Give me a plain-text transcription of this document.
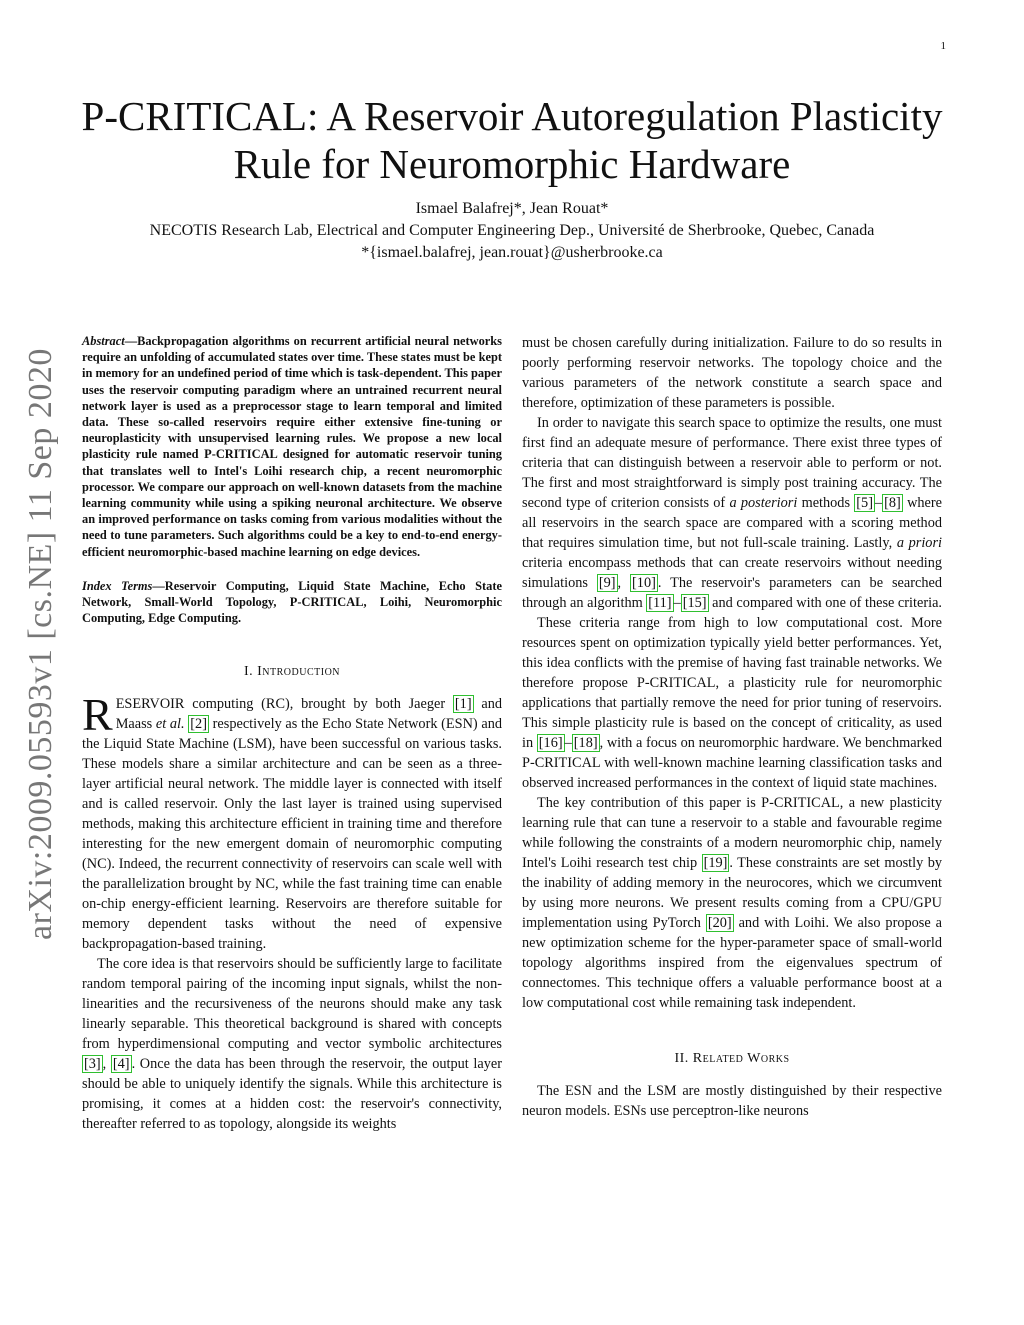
1
arXiv:2009.05593v1 [cs.NE] 11 Sep 2020
P-CRITICAL: A Reservoir Autoregulation Plasticity
Rule for Neuromorphic Hardware
Ismael Balafrej*, Jean Rouat*
NECOTIS Research Lab, Electrical and Computer Engineering Dep., Université de Sherbrooke, Quebec, Canada
*{ismael.balafrej, jean.rouat}@usherbrooke.ca

Abstract—Backpropagation algorithms on recurrent artificial neural networks require an unfolding of accumulated states over time. These states must be kept in memory for an undefined period of time which is task-dependent. This paper uses the reservoir computing paradigm where an untrained recurrent neural network layer is used as a preprocessor stage to learn temporal and limited data. These so-called reservoirs require either extensive fine-tuning or neuroplasticity with unsupervised learning rules. We propose a new local plasticity rule named P-CRITICAL designed for automatic reservoir tuning that translates well to Intel's Loihi research chip, a recent neuromorphic processor. We compare our approach on well-known datasets from the machine learning community while using a spiking neuronal architecture. We observe an improved performance on tasks coming from various modalities without the need to tune parameters. Such algorithms could be a key to end-to-end energy-efficient neuromorphic-based machine learning on edge devices.

Index Terms—Reservoir Computing, Liquid State Machine, Echo State Network, Small-World Topology, P-CRITICAL, Loihi, Neuromorphic Computing, Edge Computing.

I. Introduction

RESERVOIR computing (RC), brought by both Jaeger [1] and Maass et al. [2] respectively as the Echo State Network (ESN) and the Liquid State Machine (LSM), have been successful on various tasks. These models share a similar architecture and can be seen as a three-layer artificial neural network. The middle layer is connected with itself and is called reservoir. Only the last layer is trained using supervised methods, making this architecture efficient in training time and therefore interesting for the new emergent domain of neuromorphic computing (NC). Indeed, the recurrent connectivity of reservoirs can scale well with the parallelization brought by NC, while the fast training time can enable on-chip energy-efficient learning. Reservoirs are therefore suitable for memory dependent tasks without the need of expensive backpropagation-based training.

The core idea is that reservoirs should be sufficiently large to facilitate random temporal pairing of the incoming input signals, whilst the non-linearities and the recursiveness of the neurons should make any task linearly separable. This theoretical background is shared with concepts from hyperdimensional computing and vector symbolic architectures [3] , [4] . Once the data has been through the reservoir, the output layer should be able to uniquely identify the signals. While this architecture is promising, it comes at a hidden cost: the reservoir's connectivity, thereafter referred to as topology, alongside its weights

must be chosen carefully during initialization. Failure to do so results in poorly performing reservoir networks. The topology choice and the various parameters of the network constitute a search space and therefore, optimization of these parameters is possible.

In order to navigate this search space to optimize the results, one must first find an adequate mesure of performance. There exist three types of criteria that can distinguish between a reservoir able to perform or not. The first and most straightforward is simply post training accuracy. The second type of criterion consists of a posteriori methods [5] – [8] where all reservoirs in the search space are compared with a scoring method that requires simulation time, but not full-scale training. Lastly, a priori criteria encompass methods that can create reservoirs without needing simulations [9] , [10] . The reservoir's parameters can be searched through an algorithm [11] – [15] and compared with one of these criteria.

These criteria range from high to low computational cost. More resources spent on optimization typically yield better performances. Yet, this idea conflicts with the premise of having fast trainable networks. We therefore propose P-CRITICAL, a plasticity rule for neuromorphic applications that partially remove the need for prior tuning of reservoirs. This simple plasticity rule is based on the concept of criticality, as used in [16] – [18] , with a focus on neuromorphic hardware. We benchmarked P-CRITICAL with well-known machine learning classification tasks and observed increased performances in the context of liquid state machines.

The key contribution of this paper is P-CRITICAL, a new plasticity learning rule that can tune a reservoir to a stable and favourable regime while following the constraints of a modern neuromorphic chip, namely Intel's Loihi research test chip [19] . These constraints are set mostly by the inability of adding memory in the neurocores, which we circumvent by using more neurons. We present results coming from a CPU/GPU implementation using PyTorch [20] and with Loihi. We also propose a new optimization scheme for the hyper-parameter space of small-world topology algorithms inspired from the eigenvalues spectrum of connectomes. This technique offers a valuable performance boost at a low computational cost while remaining task independent.

II. Related Works

The ESN and the LSM are mostly distinguished by their respective neuron models. ESNs use perceptron-like neurons
